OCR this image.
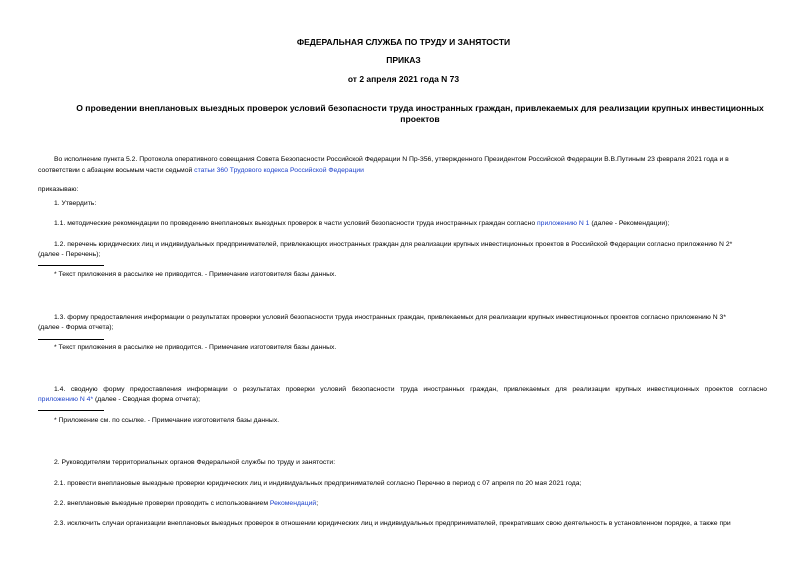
ФЕДЕРАЛЬНАЯ СЛУЖБА ПО ТРУДУ И ЗАНЯТОСТИ
ПРИКАЗ
от 2 апреля 2021 года N 73
О проведении внеплановых выездных проверок условий безопасности труда иностранных граждан, привлекаемых для реализации крупных инвестиционных
проектов
Во исполнение пункта 5.2. Протокола оперативного совещания Совета Безопасности Российской Федерации N Пр-356, утвержденного Президентом Российской Федерации В.В.Путиным 23 февраля 2021 года и в
соответствии с абзацем восьмым части седьмой статьи 360 Трудового кодекса Российской Федерации
приказываю:
1. Утвердить:
1.1. методические рекомендации по проведению внеплановых выездных проверок в части условий безопасности труда иностранных граждан согласно приложению N 1 (далее - Рекомендации);
1.2. перечень юридических лиц и индивидуальных предпринимателей, привлекающих иностранных граждан для реализации крупных инвестиционных проектов в Российской Федерации согласно приложению N 2*
(далее - Перечень);
* Текст приложения в рассылке не приводится. - Примечание изготовителя базы данных.
1.3. форму предоставления информации о результатах проверки условий безопасности труда иностранных граждан, привлекаемых для реализации крупных инвестиционных проектов согласно приложению N 3*
(далее - Форма отчета);
* Текст приложения в рассылке не приводится. - Примечание изготовителя базы данных.
1.4. сводную форму предоставления информации о результатах проверки условий безопасности труда иностранных граждан, привлекаемых для реализации крупных инвестиционных проектов согласно
приложению N 4* (далее - Сводная форма отчета);
* Приложение см. по ссылке. - Примечание изготовителя базы данных.
2. Руководителям территориальных органов Федеральной службы по труду и занятости:
2.1. провести внеплановые выездные проверки юридических лиц и индивидуальных предпринимателей согласно Перечню в период с 07 апреля по 20 мая 2021 года;
2.2. внеплановые выездные проверки проводить с использованием Рекомендаций;
2.3. исключить случаи организации внеплановых выездных проверок в отношении юридических лиц и индивидуальных предпринимателей, прекративших свою деятельность в установленном порядке, а также при
